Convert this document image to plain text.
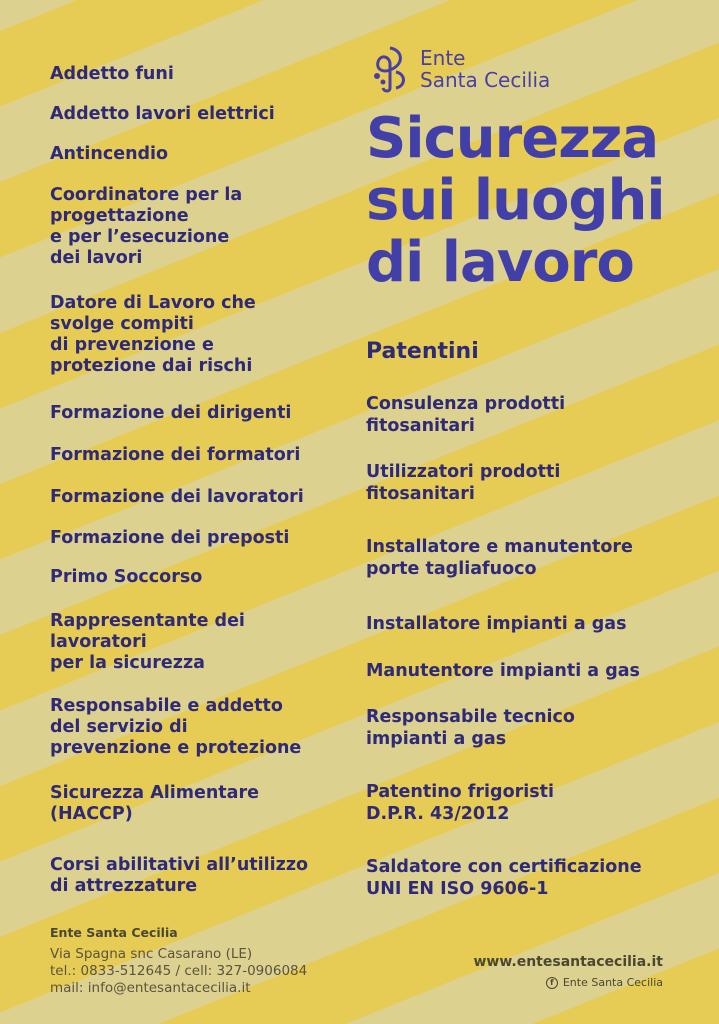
Ente
Santa Cecilia
Sicurezza
sui luoghi
di lavoro
Addetto funi
Addetto lavori elettrici
Antincendio
Coordinatore per la
progettazione
e per l’esecuzione
dei lavori
Datore di Lavoro che
svolge compiti
di prevenzione e
protezione dai rischi
Formazione dei dirigenti
Formazione dei formatori
Formazione dei lavoratori
Formazione dei preposti
Primo Soccorso
Rappresentante dei
lavoratori
per la sicurezza
Responsabile e addetto
del servizio di
prevenzione e protezione
Sicurezza Alimentare
(HACCP)
Corsi abilitativi all’utilizzo
di attrezzature
Patentini
Consulenza prodotti
fitosanitari
Utilizzatori prodotti
fitosanitari
Installatore e manutentore
porte tagliafuoco
Installatore impianti a gas
Manutentore impianti a gas
Responsabile tecnico
impianti a gas
Patentino frigoristi
D.P.R. 43/2012
Saldatore con certificazione
UNI EN ISO 9606-1
Ente Santa Cecilia
Via Spagna snc Casarano (LE)
tel.: 0833-512645 / cell: 327-0906084
mail: info@entesantacecilia.it
www.entesantacecilia.it
f Ente Santa Cecilia
